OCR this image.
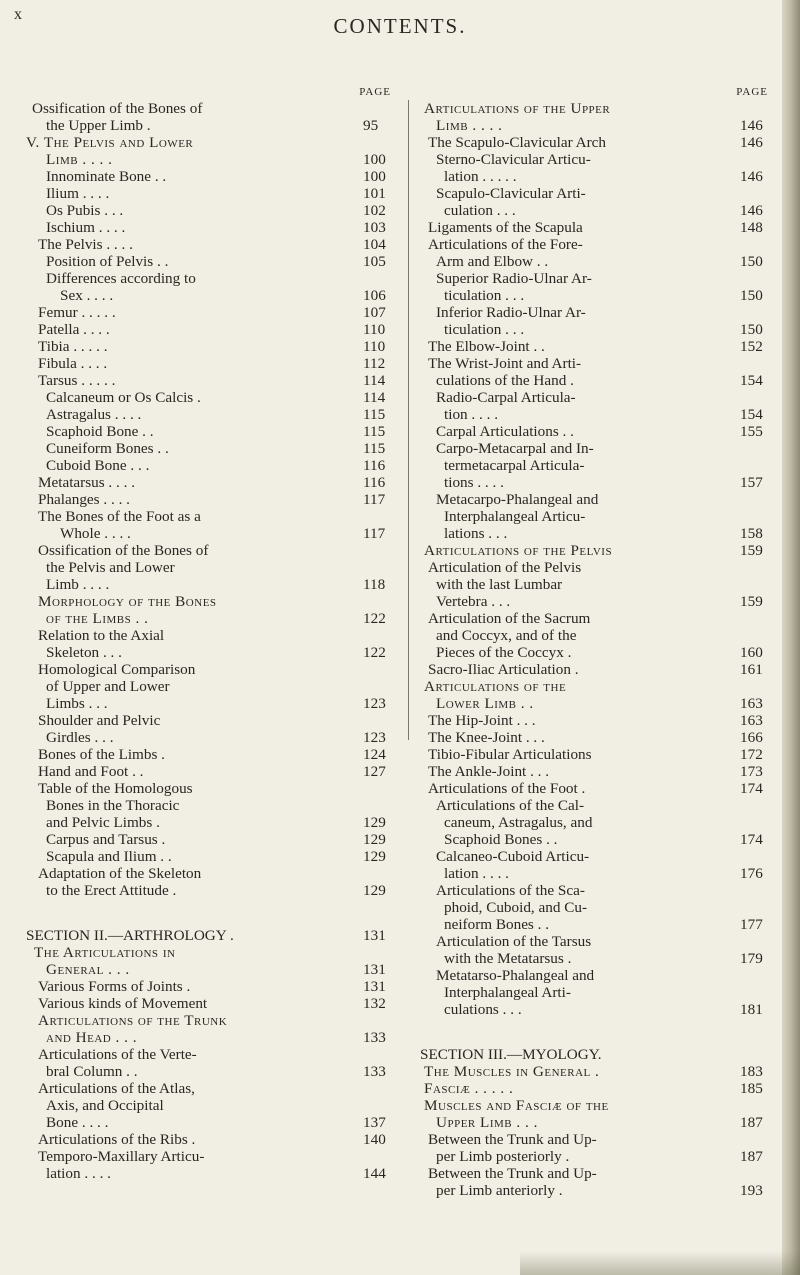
x	CONTENTS.
PAGE
Ossification of the Bones of
the Upper Limb .	95
V. The Pelvis and Lower
Limb . . . .	100
Innominate Bone . .	100
Ilium . . . .	101
Os Pubis . . .	102
Ischium . . . .	103
The Pelvis . . . .	104
Position of Pelvis . .	105
Differences according to
Sex . . . .	106
Femur . . . . .	107
Patella . . . .	110
Tibia . . . . .	110
Fibula . . . .	112
Tarsus . . . . .	114
Calcaneum or Os Calcis .	114
Astragalus . . . .	115
Scaphoid Bone . .	115
Cuneiform Bones . .	115
Cuboid Bone . . .	116
Metatarsus . . . .	116
Phalanges . . . .	117
The Bones of the Foot as a
Whole . . . .	117
Ossification of the Bones of
the Pelvis and Lower
Limb . . . .	118
Morphology of the Bones
of the Limbs . .	122
Relation to the Axial
Skeleton . . .	122
Homological Comparison
of Upper and Lower
Limbs . . .	123
Shoulder and Pelvic
Girdles . . .	123
Bones of the Limbs .	124
Hand and Foot . .	127
Table of the Homologous
Bones in the Thoracic
and Pelvic Limbs .	129
Carpus and Tarsus .	129
Scapula and Ilium . .	129
Adaptation of the Skeleton
to the Erect Attitude .	129
SECTION II.—ARTHROLOGY .	131
The Articulations in
General . . .	131
Various Forms of Joints .	131
Various kinds of Movement	132
Articulations of the Trunk
and Head . . .	133
Articulations of the Verte-
bral Column . .	133
Articulations of the Atlas,
Axis, and Occipital
Bone . . . .	137
Articulations of the Ribs .	140
Temporo-Maxillary Articu-
lation . . . .	144
PAGE
Articulations of the Upper
Limb . . . .	146
The Scapulo-Clavicular Arch	146
Sterno-Clavicular Articu-
lation . . . . .	146
Scapulo-Clavicular Arti-
culation . . .	146
Ligaments of the Scapula	148
Articulations of the Fore-
Arm and Elbow . .	150
Superior Radio-Ulnar Ar-
ticulation . . .	150
Inferior Radio-Ulnar Ar-
ticulation . . .	150
The Elbow-Joint . .	152
The Wrist-Joint and Arti-
culations of the Hand .	154
Radio-Carpal Articula-
tion . . . .	154
Carpal Articulations . .	155
Carpo-Metacarpal and In-
termetacarpal Articula-
tions . . . .	157
Metacarpo-Phalangeal and
Interphalangeal Articu-
lations . . .	158
Articulations of the Pelvis	159
Articulation of the Pelvis
with the last Lumbar
Vertebra . . .	159
Articulation of the Sacrum
and Coccyx, and of the
Pieces of the Coccyx .	160
Sacro-Iliac Articulation .	161
Articulations of the
Lower Limb . .	163
The Hip-Joint . . .	163
The Knee-Joint . . .	166
Tibio-Fibular Articulations	172
The Ankle-Joint . . .	173
Articulations of the Foot .	174
Articulations of the Cal-
caneum, Astragalus, and
Scaphoid Bones . .	174
Calcaneo-Cuboid Articu-
lation . . . .	176
Articulations of the Sca-
phoid, Cuboid, and Cu-
neiform Bones . .	177
Articulation of the Tarsus
with the Metatarsus .	179
Metatarso-Phalangeal and
Interphalangeal Arti-
culations . . .	181
SECTION III.—MYOLOGY.
The Muscles in General .	183
Fasciæ . . . . .	185
Muscles and Fasciæ of the
Upper Limb . . .	187
Between the Trunk and Up-
per Limb posteriorly .	187
Between the Trunk and Up-
per Limb anteriorly .	193
